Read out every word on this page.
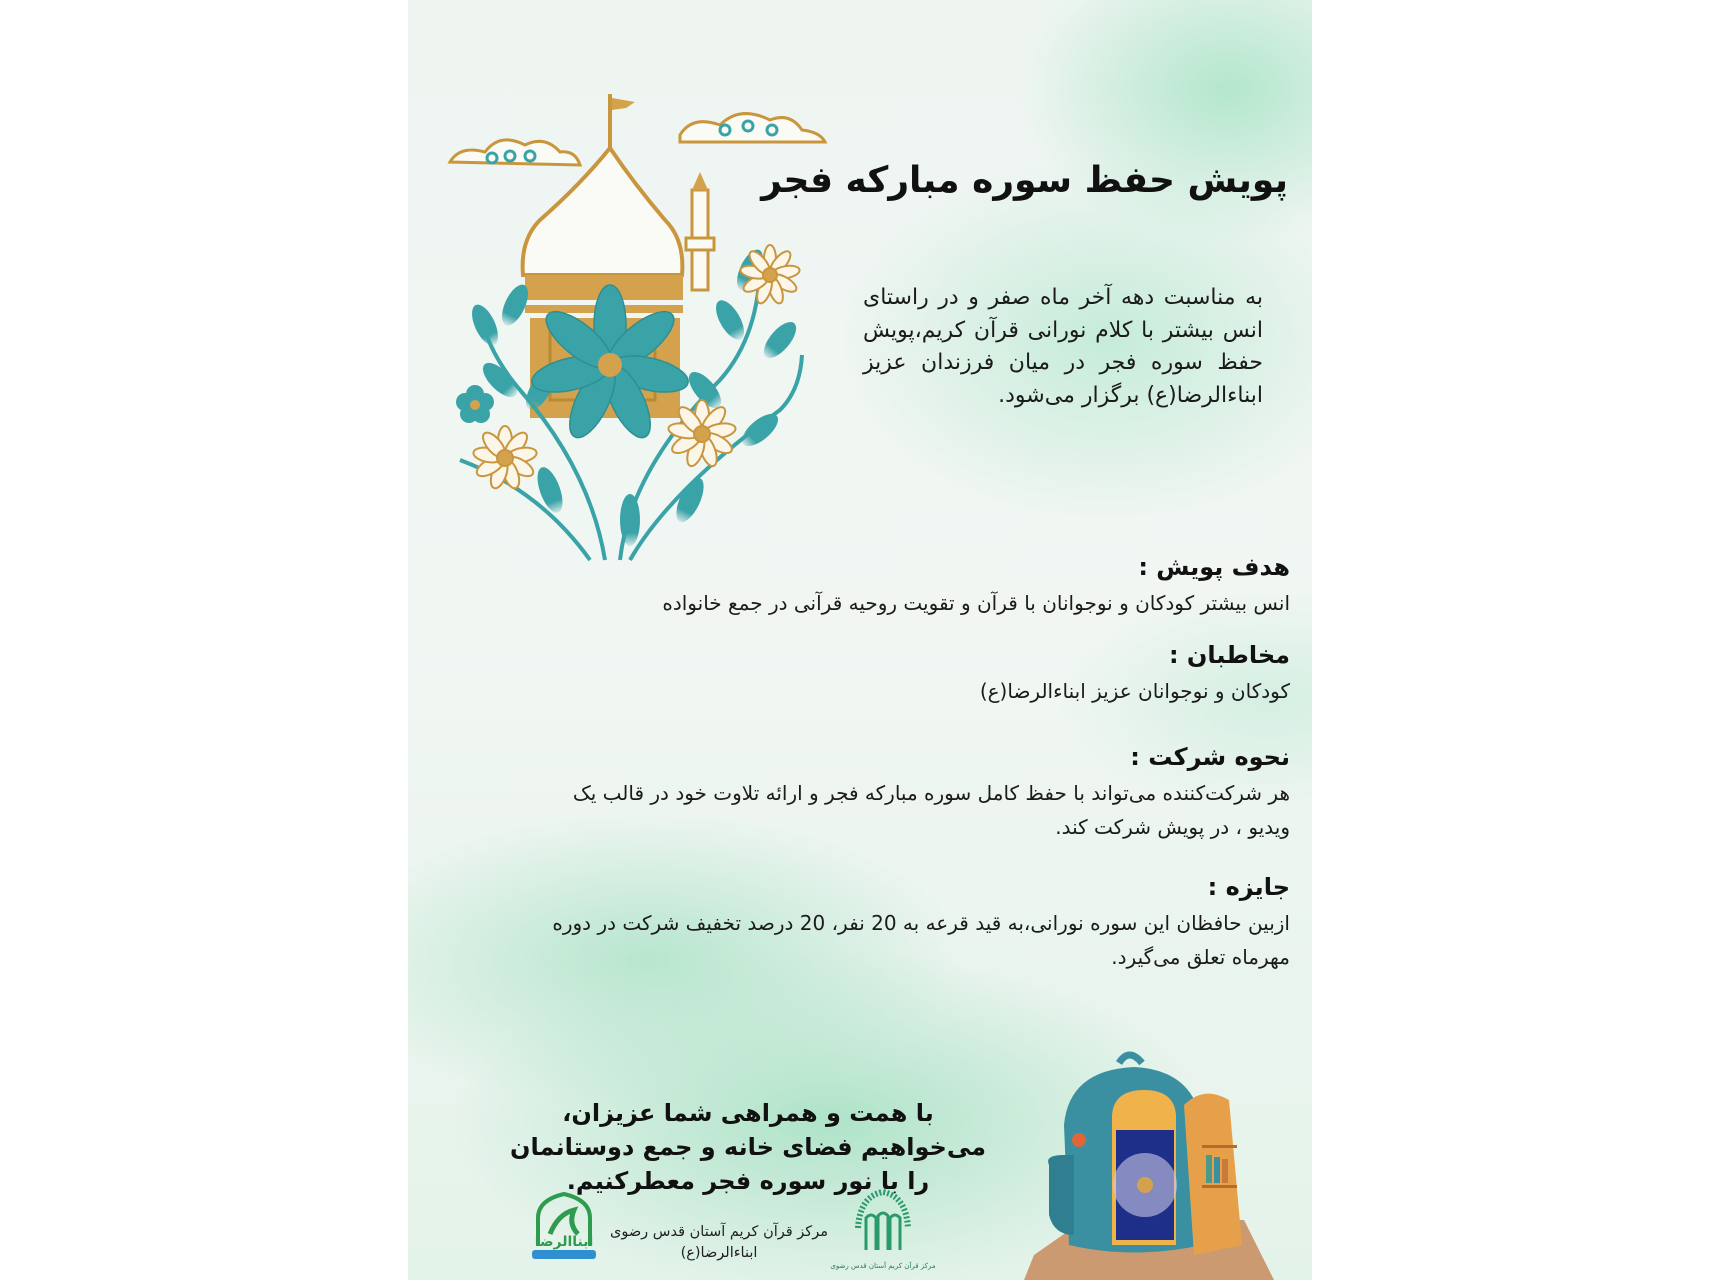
پویش حفظ سوره مبارکه فجر
به مناسبت دهه آخر ماه صفر و در راستای انس بیشتر با کلام نورانی قرآن کریم،پویش حفظ سوره فجر در میان فرزندان عزیز ابناءالرضا(ع) برگزار می‌شود.
هدف پویش :

انس بیشتر کودکان و نوجوانان با قرآن و تقویت روحیه قرآنی در جمع خانواده

مخاطبان :

کودکان و نوجوانان عزیز ابناءالرضا(ع)

نحوه شرکت :

هر شرکت‌کننده می‌تواند با حفظ کامل سوره مبارکه فجر و ارائه تلاوت خود در قالب یک ویدیو ، در پویش شرکت کند.

جایزه :

ازبین حافظان این سوره نورانی،به قید قرعه به 20 نفر، 20 درصد تخفیف شرکت در دوره مهرماه تعلق می‌گیرد.

با همت و همراهی شما عزیزان، می‌خواهیم فضای خانه و جمع دوستانمان را با نور سوره فجر معطرکنیم.
ابناالرضا
مرکز قرآن کریم آستان قدس رضوی
ابناءالرضا(ع)
مرکز قرآن کریم آستان قدس رضوی
